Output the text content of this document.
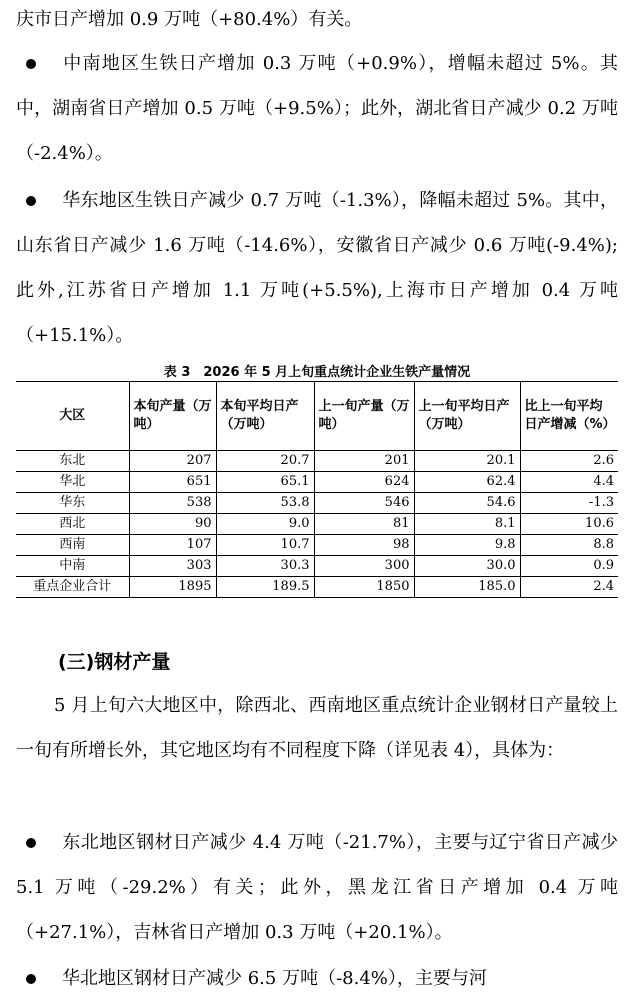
庆市日产增加 0.9 万吨（+80.4%）有关。

中南地区生铁日产增加 0.3 万吨（+0.9%），增幅未超过 5%。其中，湖南省日产增加 0.5 万吨（+9.5%）；此外，湖北省日产减少 0.2 万吨（-2.4%）。

华东地区生铁日产减少 0.7 万吨（-1.3%），降幅未超过 5%。其中，山东省日产减少 1.6 万吨（-14.6%），安徽省日产减少 0.6 万吨(-9.4%);此外,江苏省日产增加 1.1 万吨(+5.5%),上海市日产增加 0.4 万吨（+15.1%）。

表 3　2026 年 5 月上旬重点统计企业生铁产量情况
大区	本旬产量（万吨）	本旬平均日产（万吨）	上一旬产量（万吨）	上一旬平均日产（万吨）	比上一旬平均日产增减（%）
东北	207	20.7	201	20.1	2.6
华北	651	65.1	624	62.4	4.4
华东	538	53.8	546	54.6	-1.3
西北	90	9.0	81	8.1	10.6
西南	107	10.7	98	9.8	8.8
中南	303	30.3	300	30.0	0.9
重点企业合计	1895	189.5	1850	185.0	2.4
(三)钢材产量

5 月上旬六大地区中，除西北、西南地区重点统计企业钢材日产量较上一旬有所增长外，其它地区均有不同程度下降（详见表 4），具体为：

东北地区钢材日产减少 4.4 万吨（-21.7%），主要与辽宁省日产减少 5.1 万吨（-29.2%）有关；此外，黑龙江省日产增加 0.4 万吨（+27.1%），吉林省日产增加 0.3 万吨（+20.1%）。

华北地区钢材日产减少 6.5 万吨（-8.4%），主要与河
